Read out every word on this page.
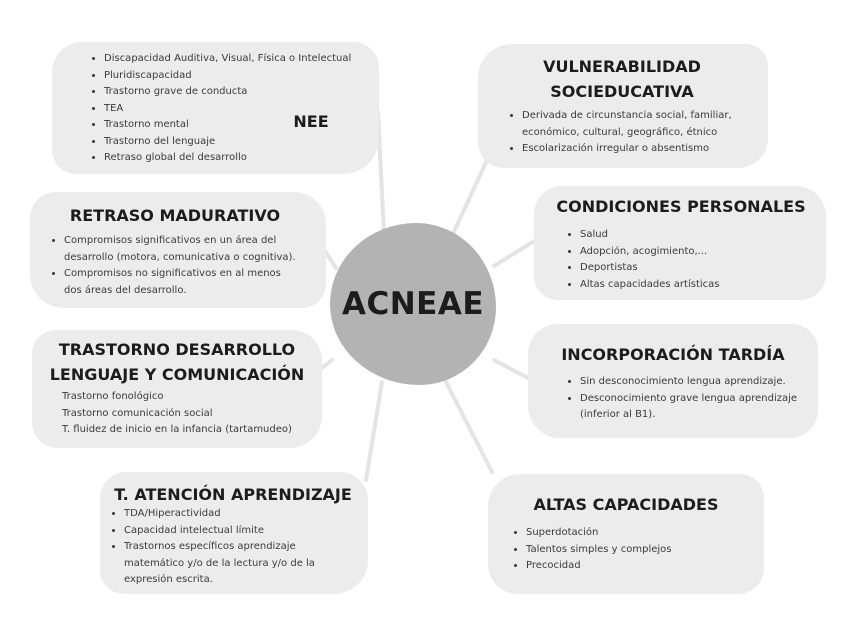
• Discapacidad Auditiva, Visual, Física o Intelectual
• Pluridiscapacidad
• Trastorno grave de conducta
• TEA
• Trastorno mental
• Trastorno del lenguaje
• Retraso global del desarrollo
NEE
VULNERABILIDAD
SOCIEDUCATIVA
• Derivada de circunstancia social, familiar,
económico, cultural, geográfico, étnico
• Escolarización irregular o absentismo
RETRASO MADURATIVO
• Compromisos significativos en un área del
desarrollo (motora, comunicativa o cognitiva).
• Compromisos no significativos en al menos
dos áreas del desarrollo.
CONDICIONES PERSONALES
• Salud
• Adopción, acogimiento,...
• Deportistas
• Altas capacidades artísticas
TRASTORNO DESARROLLO
LENGUAJE Y COMUNICACIÓN
Trastorno fonológico
Trastorno comunicación social
T. fluidez de inicio en la infancia (tartamudeo)
INCORPORACIÓN TARDÍA
• Sin desconocimiento lengua aprendizaje.
• Desconocimiento grave lengua aprendizaje
(inferior al B1).
T. ATENCIÓN APRENDIZAJE
• TDA/Hiperactividad
• Capacidad intelectual límite
• Trastornos específicos aprendizaje
matemático y/o de la lectura y/o de la
expresión escrita.
ALTAS CAPACIDADES
• Superdotación
• Talentos simples y complejos
• Precocidad
ACNEAE
